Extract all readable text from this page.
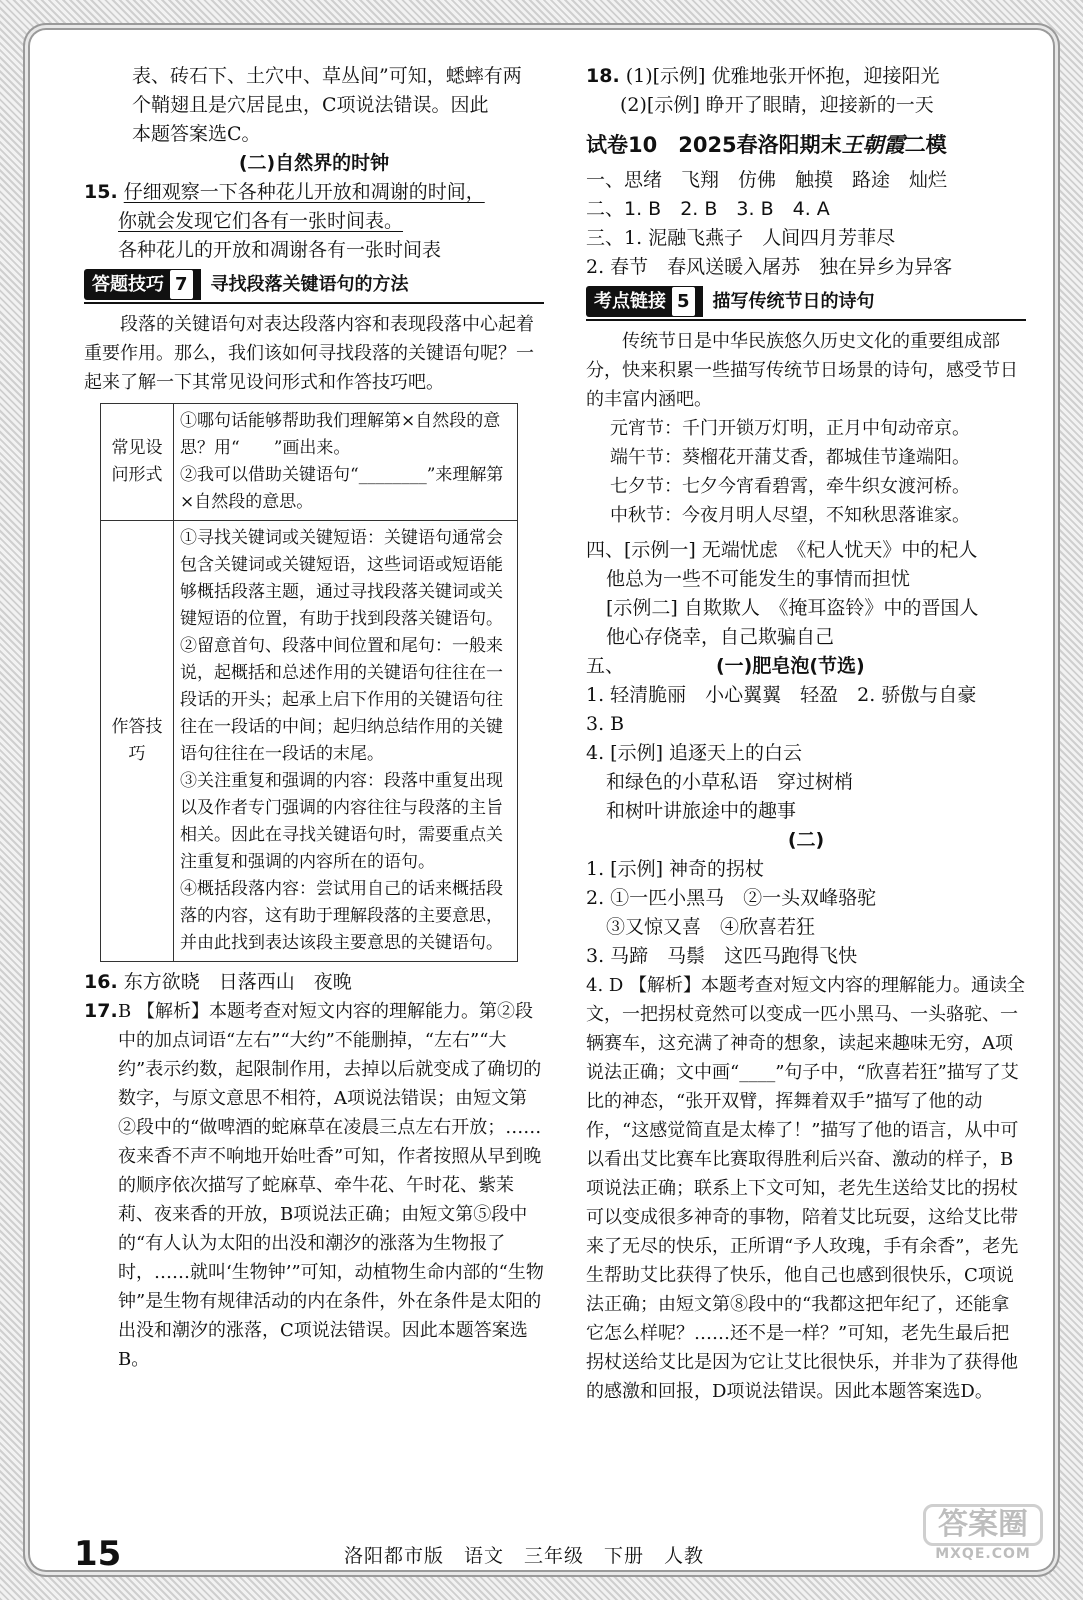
表、砖石下、土穴中、草丛间”可知，蟋蟀有两
个鞘翅且是穴居昆虫，C项说法错误。因此
本题答案选C。
(二)自然界的时钟
15. 仔细观察一下各种花儿开放和凋谢的时间，
你就会发现它们各有一张时间表。
各种花儿的开放和凋谢各有一张时间表
答题技巧 7 寻找段落关键语句的方法
段落的关键语句对表达段落内容和表现段落中心起着重要作用。那么，我们该如何寻找段落的关键语句呢？一起来了解一下其常见设问形式和作答技巧吧。
常见设问形式	①哪句话能够帮助我们理解第×自然段的意思？用“　　”画出来。
②我可以借助关键语句“________”来理解第×自然段的意思。

作答技巧	①寻找关键词或关键短语：关键语句通常会包含关键词或关键短语，这些词语或短语能够概括段落主题，通过寻找段落关键词或关键短语的位置，有助于找到段落关键语句。
②留意首句、段落中间位置和尾句：一般来说，起概括和总述作用的关键语句往往在一段话的开头；起承上启下作用的关键语句往往在一段话的中间；起归纳总结作用的关键语句往往在一段话的末尾。
③关注重复和强调的内容：段落中重复出现以及作者专门强调的内容往往与段落的主旨相关。因此在寻找关键语句时，需要重点关注重复和强调的内容所在的语句。
④概括段落内容：尝试用自己的话来概括段落的内容，这有助于理解段落的主要意思，并由此找到表达该段主要意思的关键语句。
16. 东方欲晓　日落西山　夜晚
17. B 【解析】本题考查对短文内容的理解能力。第②段中的加点词语“左右”“大约”不能删掉，“左右”“大约”表示约数，起限制作用，去掉以后就变成了确切的数字，与原文意思不相符，A项说法错误；由短文第②段中的“做啤酒的蛇麻草在凌晨三点左右开放；……夜来香不声不响地开始吐香”可知，作者按照从早到晚的顺序依次描写了蛇麻草、牵牛花、午时花、紫茉莉、夜来香的开放，B项说法正确；由短文第⑤段中的“有人认为太阳的出没和潮汐的涨落为生物报了时，……就叫‘生物钟’”可知，动植物生命内部的“生物钟”是生物有规律活动的内在条件，外在条件是太阳的出没和潮汐的涨落，C项说法错误。因此本题答案选B。
18. (1)[示例] 优雅地张开怀抱，迎接阳光
(2)[示例] 睁开了眼睛，迎接新的一天
试卷10　2025春洛阳期末王朝霞二模
一、思绪　飞翔　仿佛　触摸　路途　灿烂
二、1. B　2. B　3. B　4. A
三、1. 泥融飞燕子　人间四月芳菲尽
2. 春节　春风送暖入屠苏　独在异乡为异客
考点链接 5 描写传统节日的诗句
传统节日是中华民族悠久历史文化的重要组成部分，快来积累一些描写传统节日场景的诗句，感受节日的丰富内涵吧。
元宵节：千门开锁万灯明，正月中旬动帝京。
端午节：葵榴花开蒲艾香，都城佳节逢端阳。
七夕节：七夕今宵看碧霄，牵牛织女渡河桥。
中秋节：今夜月明人尽望，不知秋思落谁家。
四、[示例一] 无端忧虑　《杞人忧天》中的杞人
他总为一些不可能发生的事情而担忧
[示例二] 自欺欺人　《掩耳盗铃》中的晋国人
他心存侥幸，自己欺骗自己
五、	(一)肥皂泡(节选)
1. 轻清脆丽　小心翼翼　轻盈　2. 骄傲与自豪
3. B
4. [示例] 追逐天上的白云
和绿色的小草私语　穿过树梢
和树叶讲旅途中的趣事
(二)
1. [示例] 神奇的拐杖
2. ①一匹小黑马　②一头双峰骆驼
③又惊又喜　④欣喜若狂
3. 马蹄　马鬃　这匹马跑得飞快
4. D 【解析】本题考查对短文内容的理解能力。通读全文，一把拐杖竟然可以变成一匹小黑马、一头骆驼、一辆赛车，这充满了神奇的想象，读起来趣味无穷，A项说法正确；文中画“____”句子中，“欣喜若狂”描写了艾比的神态，“张开双臂，挥舞着双手”描写了他的动作，“这感觉简直是太棒了！”描写了他的语言，从中可以看出艾比赛车比赛取得胜利后兴奋、激动的样子，B项说法正确；联系上下文可知，老先生送给艾比的拐杖可以变成很多神奇的事物，陪着艾比玩耍，这给艾比带来了无尽的快乐，正所谓“予人玫瑰，手有余香”，老先生帮助艾比获得了快乐，他自己也感到很快乐，C项说法正确；由短文第⑧段中的“我都这把年纪了，还能拿它怎么样呢？……还不是一样？”可知，老先生最后把拐杖送给艾比是因为它让艾比很快乐，并非为了获得他的感激和回报，D项说法错误。因此本题答案选D。
15	洛阳都市版　语文　三年级　下册　人教
答案圈
MXQE.COM
